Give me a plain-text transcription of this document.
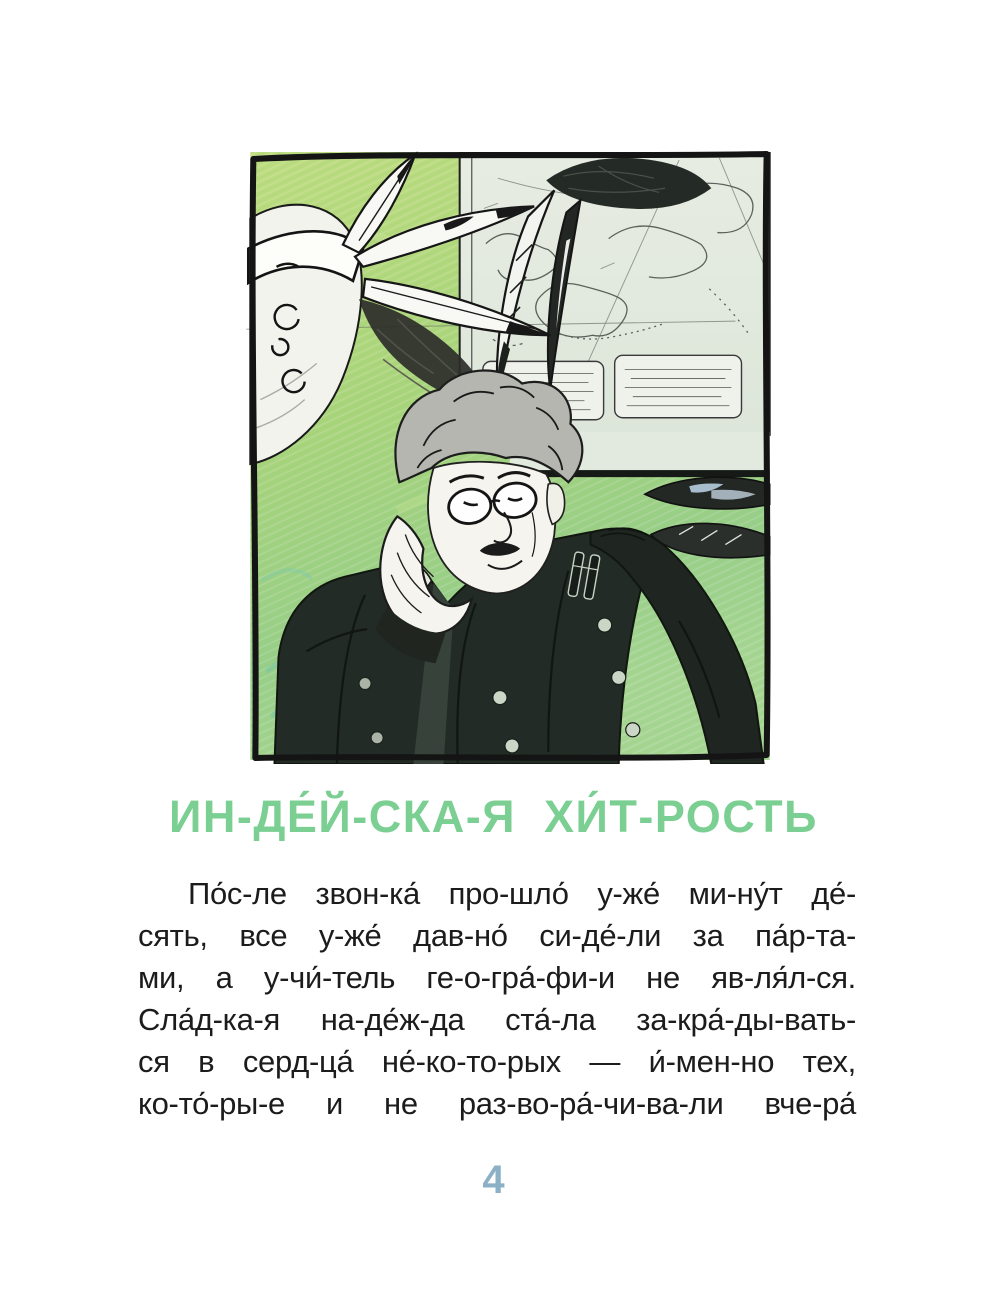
ИН-ДЕ́Й-СКА-Я ХИ́Т-РОСТЬ
По́с-ле звон-ка́ про-шло́ у-же́ ми-ну́т де́-
сять, все у-же́ дав-но́ си-де́-ли за па́р-та-
ми, а у-чи́-тель ге-о-гра́-фи-и не яв-ля́л-ся.
Сла́д-ка-я на-де́ж-да ста́-ла за-кра́-ды-вать-
ся в серд-ца́ не́-ко-то-рых — и́-мен-но тех,
ко-то́-ры-е и не раз-во-ра́-чи-ва-ли вче-ра́
4
